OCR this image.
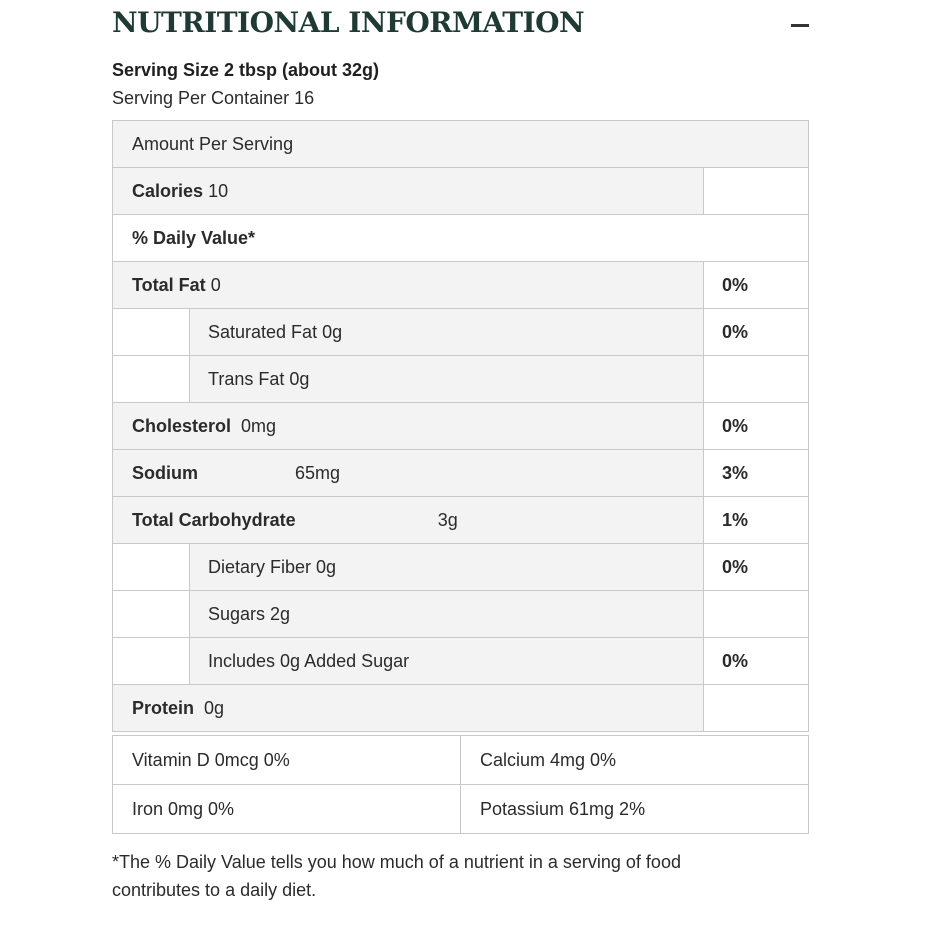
NUTRITIONAL INFORMATION
Serving Size 2 tbsp (about 32g)
Serving Per Container 16
Amount Per Serving		
Calories 10		
% Daily Value*		
Total Fat 0		0%
	Saturated Fat 0g	0%
	Trans Fat 0g	
Cholesterol 0mg		0%
Sodium 65mg		3%
Total Carbohydrate 3g		1%
	Dietary Fiber 0g	0%
	Sugars 2g	
	Includes 0g Added Sugar	0%
Protein 0g		
Vitamin D 0mcg 0%	Calcium 4mg 0%
Iron 0mg 0%	Potassium 61mg 2%
*The % Daily Value tells you how much of a nutrient in a serving of food contributes to a daily diet.
